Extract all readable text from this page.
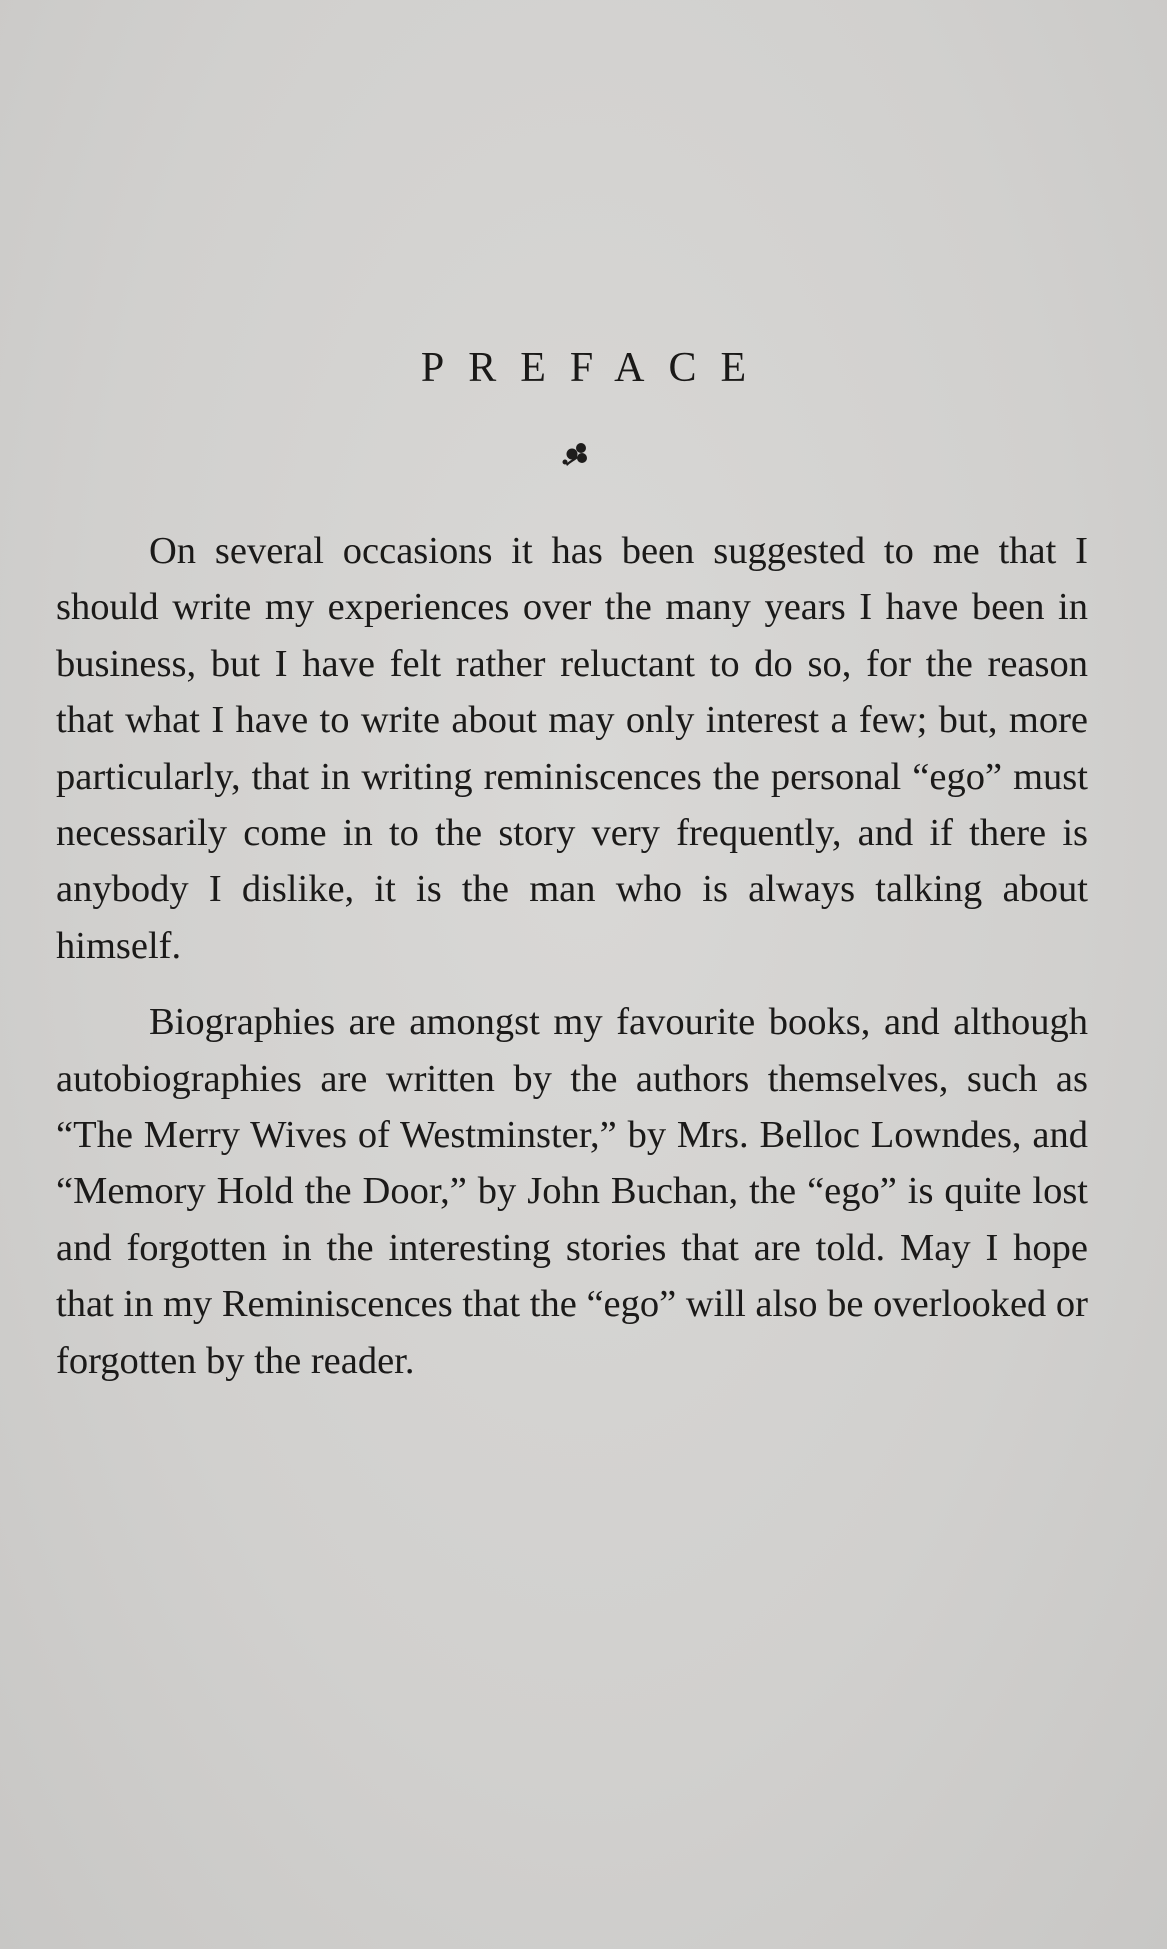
PREFACE

On several occasions it has been suggested to me that I should write my experiences over the many years I have been in business, but I have felt rather reluctant to do so, for the reason that what I have to write about may only interest a few; but, more particularly, that in writing reminiscences the personal “ego” must necessarily come in to the story very frequently, and if there is anybody I dislike, it is the man who is always talking about himself.

Biographies are amongst my favourite books, and although autobiographies are written by the authors themselves, such as “The Merry Wives of Westminster,” by Mrs. Belloc Lowndes, and “Memory Hold the Door,” by John Buchan, the “ego” is quite lost and forgotten in the interesting stories that are told. May I hope that in my Reminiscences that the “ego” will also be overlooked or forgotten by the reader.
